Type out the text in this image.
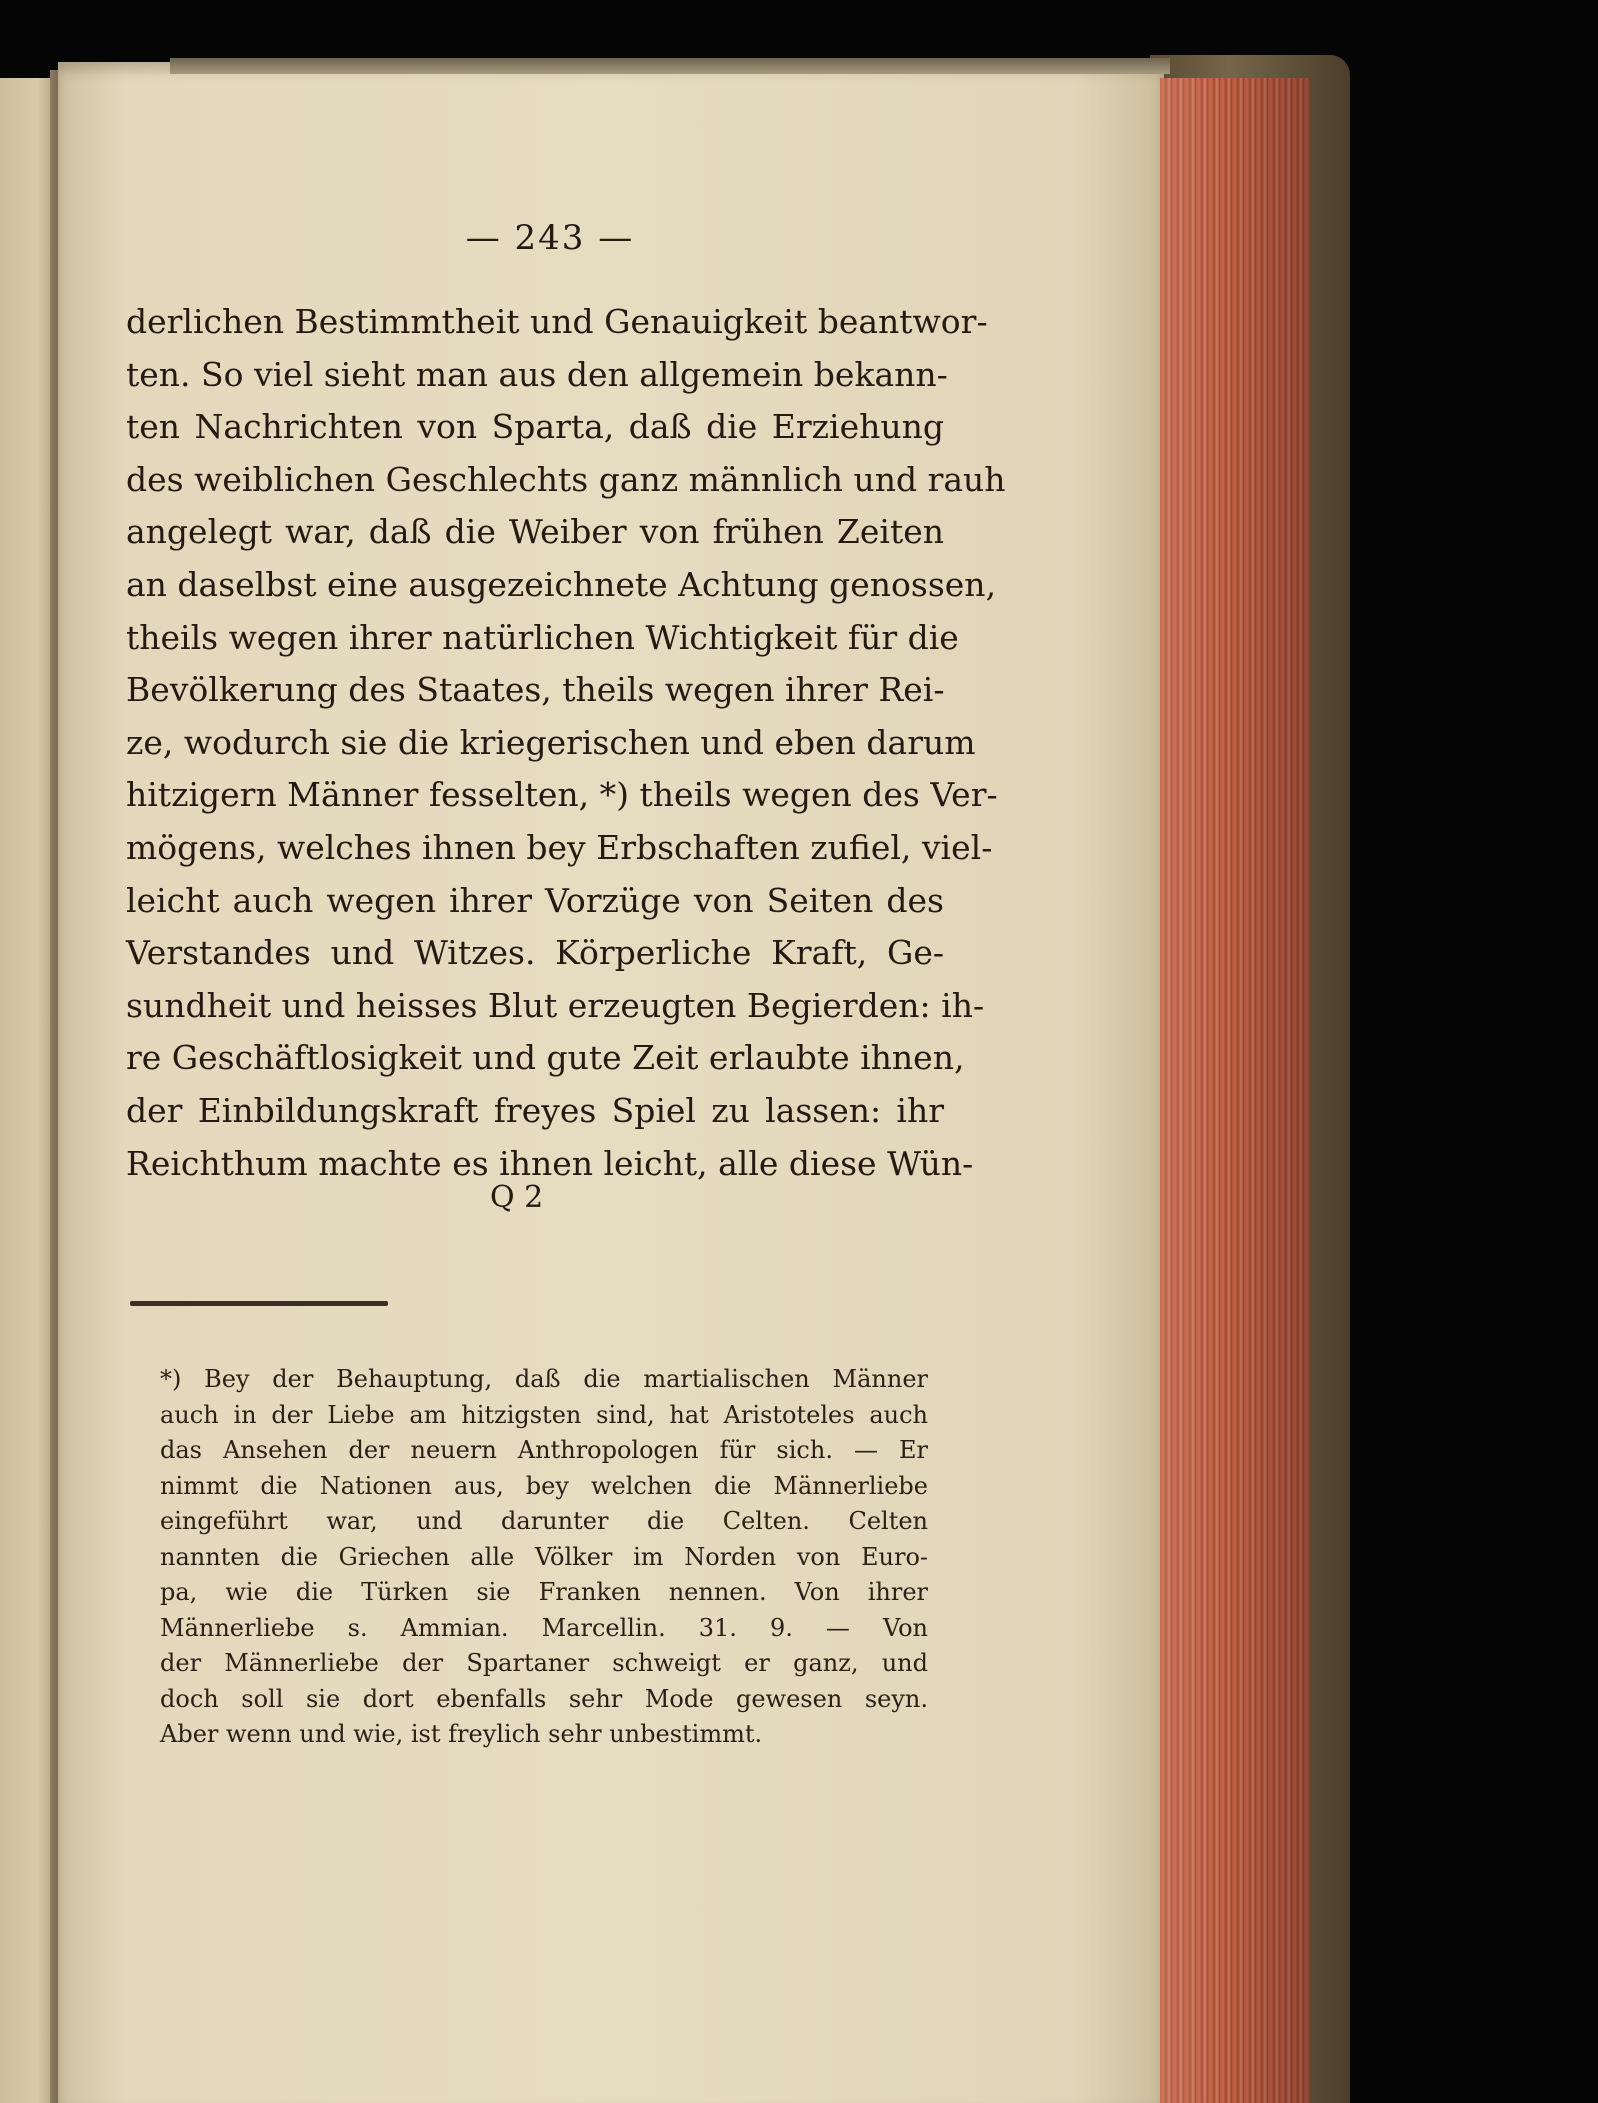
— 243 —
derlichen Bestimmtheit und Genauigkeit beantwor-
ten. So viel sieht man aus den allgemein bekann-
ten Nachrichten von Sparta, daß die Erziehung
des weiblichen Geschlechts ganz männlich und rauh
angelegt war, daß die Weiber von frühen Zeiten
an daselbst eine ausgezeichnete Achtung genossen,
theils wegen ihrer natürlichen Wichtigkeit für die
Bevölkerung des Staates, theils wegen ihrer Rei-
ze, wodurch sie die kriegerischen und eben darum
hitzigern Männer fesselten, *) theils wegen des Ver-
mögens, welches ihnen bey Erbschaften zufiel, viel-
leicht auch wegen ihrer Vorzüge von Seiten des
Verstandes und Witzes. Körperliche Kraft, Ge-
sundheit und heisses Blut erzeugten Begierden: ih-
re Geschäftlosigkeit und gute Zeit erlaubte ihnen,
der Einbildungskraft freyes Spiel zu lassen: ihr
Reichthum machte es ihnen leicht, alle diese Wün-
Q 2
*) Bey der Behauptung, daß die martialischen Männer
auch in der Liebe am hitzigsten sind, hat Aristoteles auch
das Ansehen der neuern Anthropologen für sich. — Er
nimmt die Nationen aus, bey welchen die Männerliebe
eingeführt war, und darunter die Celten. Celten
nannten die Griechen alle Völker im Norden von Euro-
pa, wie die Türken sie Franken nennen. Von ihrer
Männerliebe s. Ammian. Marcellin. 31. 9. — Von
der Männerliebe der Spartaner schweigt er ganz, und
doch soll sie dort ebenfalls sehr Mode gewesen seyn.
Aber wenn und wie, ist freylich sehr unbestimmt.
